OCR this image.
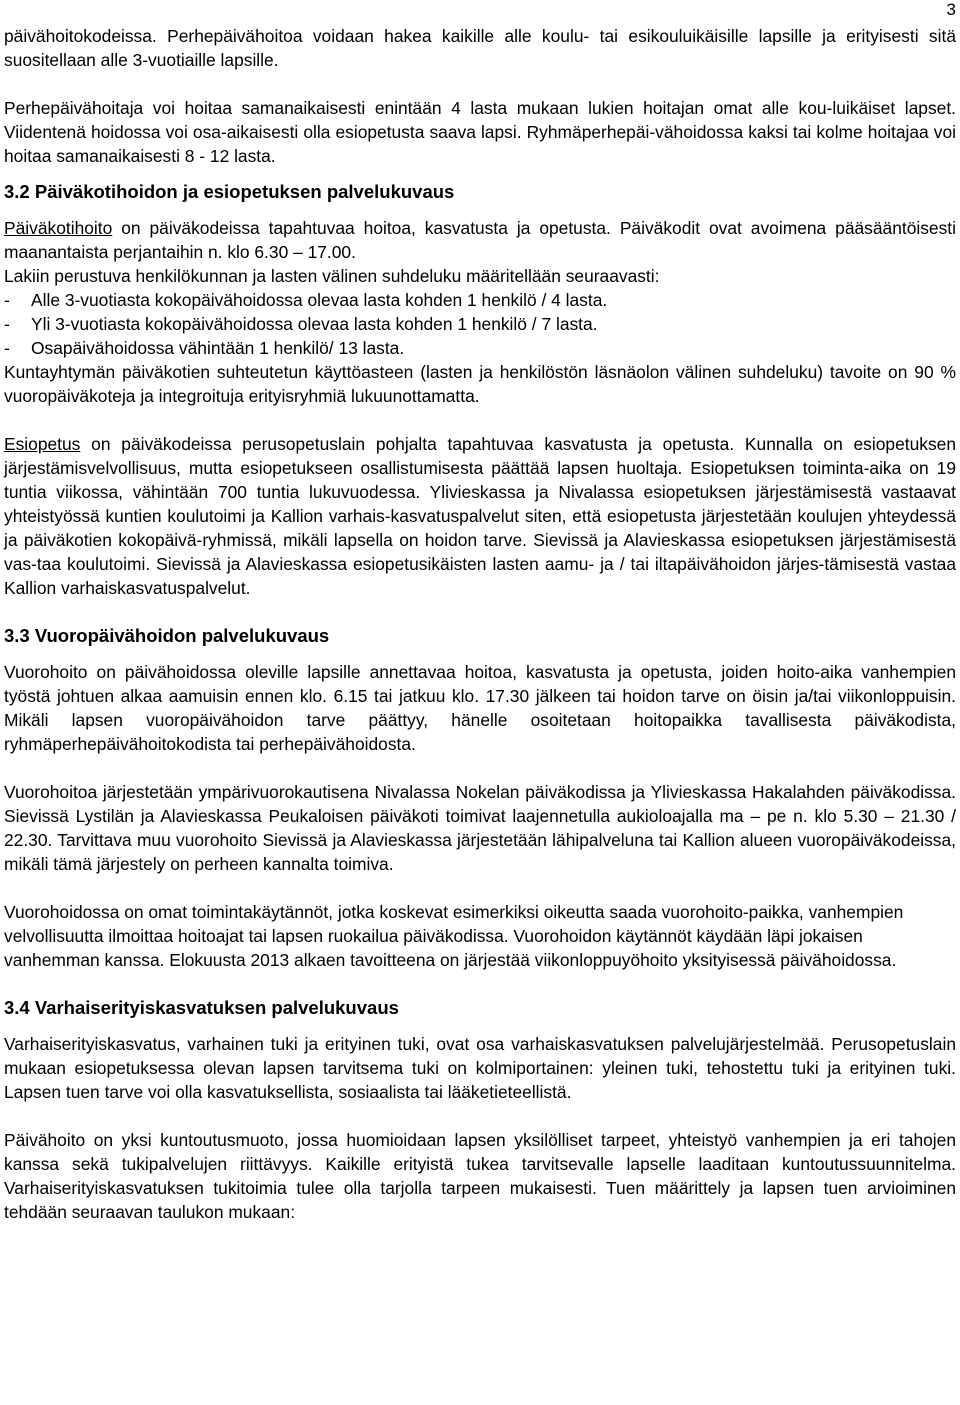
3

päivähoitokodeissa. Perhepäivähoitoa voidaan hakea kaikille alle koulu- tai esikouluikäisille lapsille ja erityisesti sitä suositellaan alle 3-vuotiaille lapsille.

Perhepäivähoitaja voi hoitaa samanaikaisesti enintään 4 lasta mukaan lukien hoitajan omat alle kou-luikäiset lapset. Viidentenä hoidossa voi osa-aikaisesti olla esiopetusta saava lapsi. Ryhmäperhepäi-vähoidossa kaksi tai kolme hoitajaa voi hoitaa samanaikaisesti 8 - 12 lasta.

3.2 Päiväkotihoidon ja esiopetuksen palvelukuvaus

Päiväkotihoito on päiväkodeissa tapahtuvaa hoitoa, kasvatusta ja opetusta. Päiväkodit ovat avoimena pääsääntöisesti maanantaista perjantaihin n. klo 6.30 – 17.00.

Lakiin perustuva henkilökunnan ja lasten välinen suhdeluku määritellään seuraavasti:

- Alle 3-vuotiasta kokopäivähoidossa olevaa lasta kohden 1 henkilö / 4 lasta.
- Yli 3-vuotiasta kokopäivähoidossa olevaa lasta kohden 1 henkilö / 7 lasta.
- Osapäivähoidossa vähintään 1 henkilö/ 13 lasta.

Kuntayhtymän päiväkotien suhteutetun käyttöasteen (lasten ja henkilöstön läsnäolon välinen suhdeluku) tavoite on 90 % vuoropäiväkoteja ja integroituja erityisryhmiä lukuunottamatta.

Esiopetus on päiväkodeissa perusopetuslain pohjalta tapahtuvaa kasvatusta ja opetusta. Kunnalla on esiopetuksen järjestämisvelvollisuus, mutta esiopetukseen osallistumisesta päättää lapsen huoltaja. Esiopetuksen toiminta-aika on 19 tuntia viikossa, vähintään 700 tuntia lukuvuodessa. Ylivieskassa ja Nivalassa esiopetuksen järjestämisestä vastaavat yhteistyössä kuntien koulutoimi ja Kallion varhais-kasvatuspalvelut siten, että esiopetusta järjestetään koulujen yhteydessä ja päiväkotien kokopäivä-ryhmissä, mikäli lapsella on hoidon tarve. Sievissä ja Alavieskassa esiopetuksen järjestämisestä vas-taa koulutoimi. Sievissä ja Alavieskassa esiopetusikäisten lasten aamu- ja / tai iltapäivähoidon järjes-tämisestä vastaa Kallion varhaiskasvatuspalvelut.

3.3 Vuoropäivähoidon palvelukuvaus

Vuorohoito on päivähoidossa oleville lapsille annettavaa hoitoa, kasvatusta ja opetusta, joiden hoito-aika vanhempien työstä johtuen alkaa aamuisin ennen klo. 6.15 tai jatkuu klo. 17.30 jälkeen tai hoidon tarve on öisin ja/tai viikonloppuisin. Mikäli lapsen vuoropäivähoidon tarve päättyy, hänelle osoitetaan hoitopaikka tavallisesta päiväkodista, ryhmäperhepäivähoitokodista tai perhepäivähoidosta.

Vuorohoitoa järjestetään ympärivuorokautisena Nivalassa Nokelan päiväkodissa ja Ylivieskassa Hakalahden päiväkodissa. Sievissä Lystilän ja Alavieskassa Peukaloisen päiväkoti toimivat laajennetulla aukioloajalla ma – pe n. klo 5.30 – 21.30 / 22.30. Tarvittava muu vuorohoito Sievissä ja Alavieskassa järjestetään lähipalveluna tai Kallion alueen vuoropäiväkodeissa, mikäli tämä järjestely on perheen kannalta toimiva.

Vuorohoidossa on omat toimintakäytännöt, jotka koskevat esimerkiksi oikeutta saada vuorohoito-paikka, vanhempien velvollisuutta ilmoittaa hoitoajat tai lapsen ruokailua päiväkodissa. Vuorohoidon käytännöt käydään läpi jokaisen vanhemman kanssa. Elokuusta 2013 alkaen tavoitteena on järjestää viikonloppuyöhoito yksityisessä päivähoidossa.

3.4 Varhaiserityiskasvatuksen palvelukuvaus

Varhaiserityiskasvatus, varhainen tuki ja erityinen tuki, ovat osa varhaiskasvatuksen palvelujärjestelmää. Perusopetuslain mukaan esiopetuksessa olevan lapsen tarvitsema tuki on kolmiportainen: yleinen tuki, tehostettu tuki ja erityinen tuki. Lapsen tuen tarve voi olla kasvatuksellista, sosiaalista tai lääketieteellistä.

Päivähoito on yksi kuntoutusmuoto, jossa huomioidaan lapsen yksilölliset tarpeet, yhteistyö vanhempien ja eri tahojen kanssa sekä tukipalvelujen riittävyys. Kaikille erityistä tukea tarvitsevalle lapselle laaditaan kuntoutussuunnitelma. Varhaiserityiskasvatuksen tukitoimia tulee olla tarjolla tarpeen mukaisesti. Tuen määrittely ja lapsen tuen arvioiminen tehdään seuraavan taulukon mukaan:
